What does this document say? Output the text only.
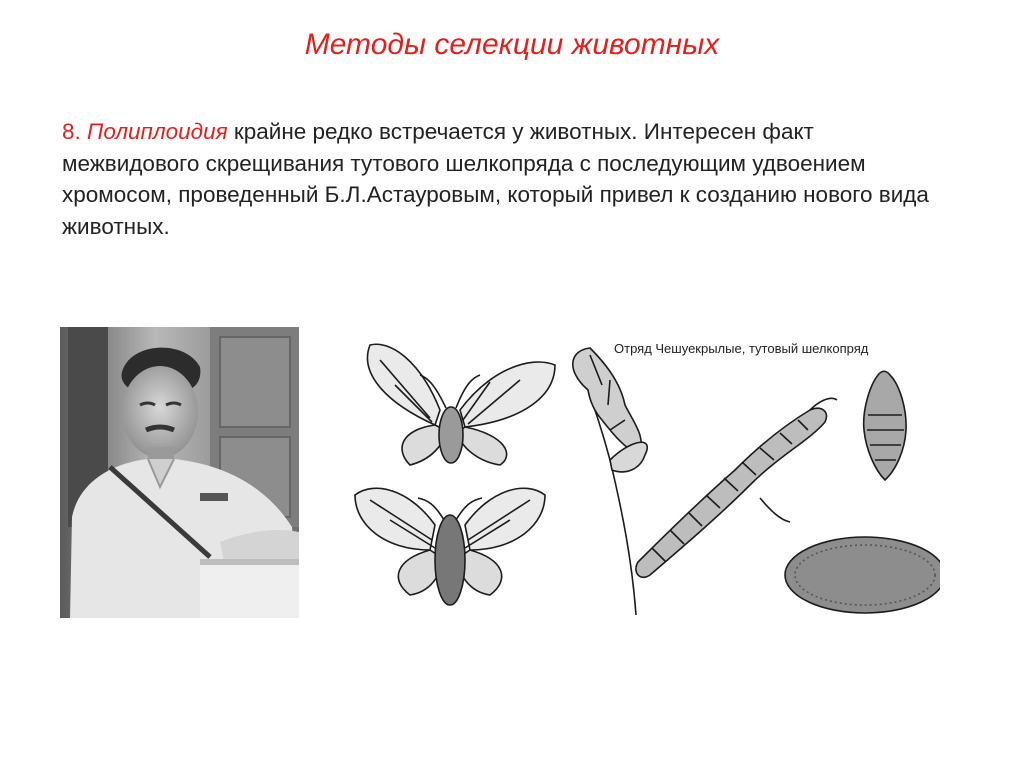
Методы селекции животных
8. Полиплоидия крайне редко встречается у животных. Интересен факт межвидового скрещивания тутового шелкопряда с последующим удвоением хромосом, проведенный Б.Л.Астауровым, который привел к созданию нового вида животных.
Отряд Чешуекрылые, тутовый шелкопряд
